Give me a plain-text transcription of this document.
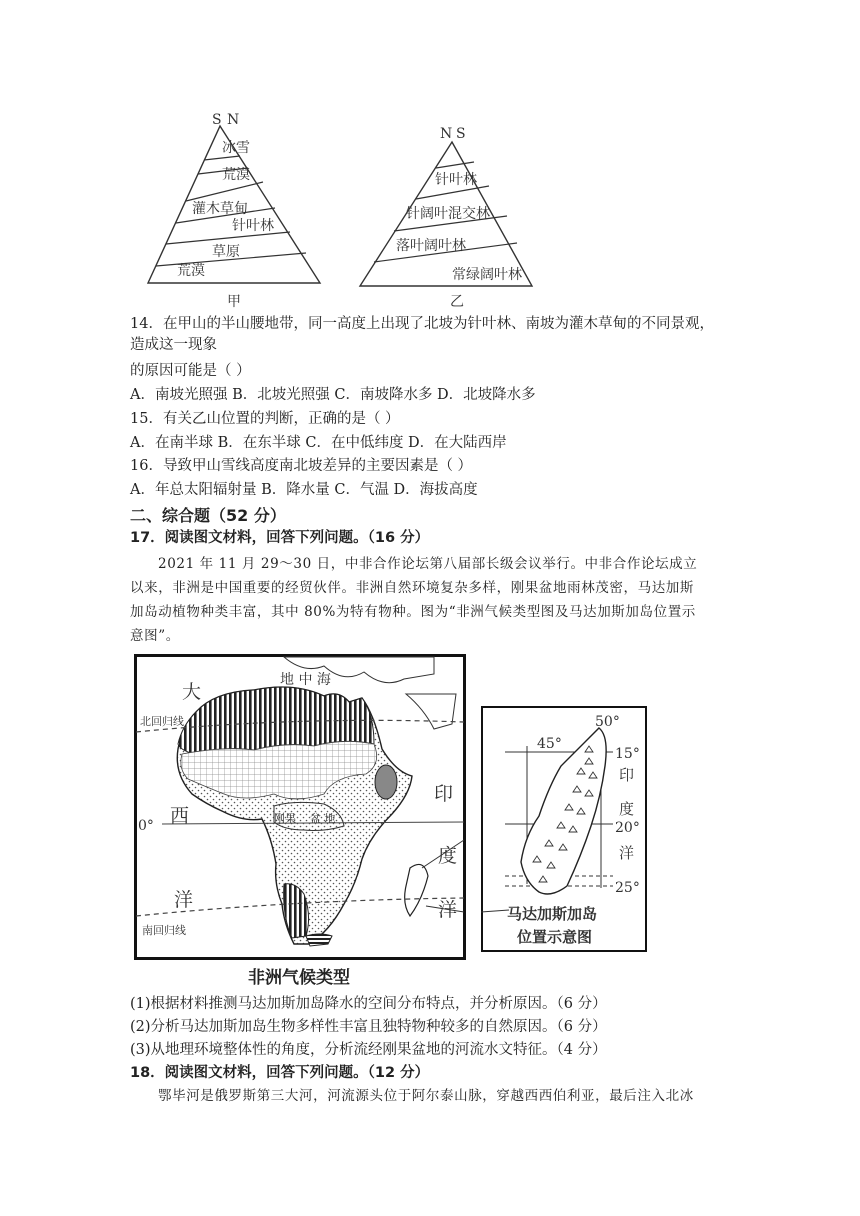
S N
冰雪
荒漠
灌木草甸
针叶林
草原
荒漠
甲
N S
针叶林
针阔叶混交林
落叶阔叶林
常绿阔叶林
乙
14．在甲山的半山腰地带，同一高度上出现了北坡为针叶林、南坡为灌木草甸的不同景观，
造成这一现象
的原因可能是（ ）
A．南坡光照强 B．北坡光照强 C．南坡降水多 D．北坡降水多
15．有关乙山位置的判断，正确的是（ ）
A．在南半球 B．在东半球 C．在中低纬度 D．在大陆西岸
16．导致甲山雪线高度南北坡差异的主要因素是（ ）
A．年总太阳辐射量 B．降水量 C．气温 D．海拔高度
二、综合题（52 分）
17．阅读图文材料，回答下列问题。（16 分）
2021 年 11 月 29～30 日，中非合作论坛第八届部长级会议举行。中非合作论坛成立
以来，非洲是中国重要的经贸伙伴。非洲自然环境复杂多样，刚果盆地雨林茂密，马达加斯
加岛动植物种类丰富，其中 80%为特有物种。图为“非洲气候类型图及马达加斯加岛位置示
意图”。
大
地 中 海
北回归线
0° 西	刚果 盆 地
洋
南回归线
印
度
洋
非洲气候类型
50°
45°
15°
印
度
20°
洋
25°
马达加斯加岛
位置示意图
(1)根据材料推测马达加斯加岛降水的空间分布特点，并分析原因。（6 分）
(2)分析马达加斯加岛生物多样性丰富且独特物种较多的自然原因。（6 分）
(3)从地理环境整体性的角度，分析流经刚果盆地的河流水文特征。（4 分）
18．阅读图文材料，回答下列问题。（12 分）
鄂毕河是俄罗斯第三大河，河流源头位于阿尔泰山脉，穿越西西伯利亚，最后注入北冰
